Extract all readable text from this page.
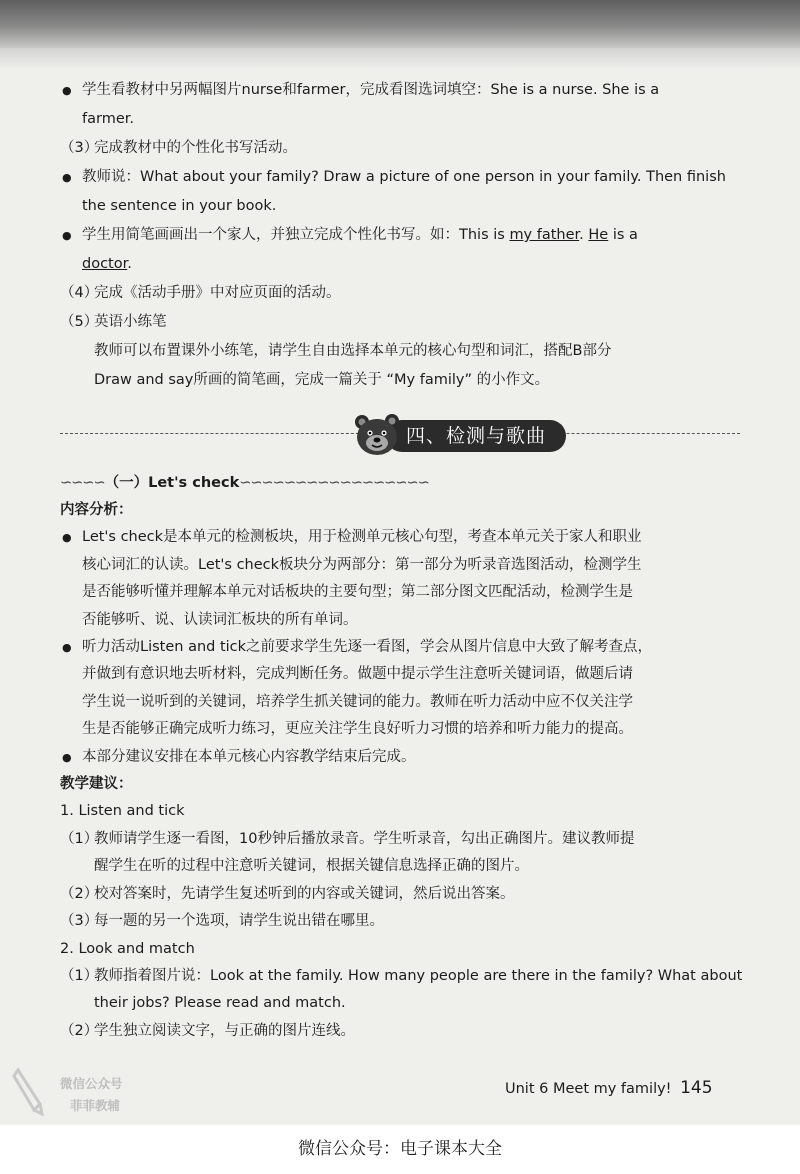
● 学生看教材中另两幅图片nurse和farmer，完成看图选词填空：She is a nurse. She is a
farmer.
（3）
完成教材中的个性化书写活动。
● 教师说：What about your family? Draw a picture of one person in your family. Then finish
the sentence in your book.
● 学生用简笔画画出一个家人，并独立完成个性化书写。如：This is my father. He is a
doctor.
（4）
完成《活动手册》中对应页面的活动。
（5）
英语小练笔
教师可以布置课外小练笔，请学生自由选择本单元的核心句型和词汇，搭配B部分
Draw and say所画的简笔画，完成一篇关于 “My family” 的小作文。
四、检测与歌曲
∽∽∽∽（一）Let's check∽∽∽∽∽∽∽∽∽∽∽∽∽∽∽∽∽
内容分析：
● Let's check是本单元的检测板块，用于检测单元核心句型，考查本单元关于家人和职业
核心词汇的认读。Let's check板块分为两部分：第一部分为听录音选图活动，检测学生
是否能够听懂并理解本单元对话板块的主要句型；第二部分图文匹配活动，检测学生是
否能够听、说、认读词汇板块的所有单词。
● 听力活动Listen and tick之前要求学生先逐一看图，学会从图片信息中大致了解考查点，
并做到有意识地去听材料，完成判断任务。做题中提示学生注意听关键词语，做题后请
学生说一说听到的关键词，培养学生抓关键词的能力。教师在听力活动中应不仅关注学
生是否能够正确完成听力练习，更应关注学生良好听力习惯的培养和听力能力的提高。
● 本部分建议安排在本单元核心内容教学结束后完成。
教学建议：
1. Listen and tick
（1）
教师请学生逐一看图，10秒钟后播放录音。学生听录音，勾出正确图片。建议教师提
醒学生在听的过程中注意听关键词，根据关键信息选择正确的图片。
（2）
校对答案时，先请学生复述听到的内容或关键词，然后说出答案。
（3）
每一题的另一个选项，请学生说出错在哪里。
2. Look and match
（1）
教师指着图片说：Look at the family. How many people are there in the family? What about
their jobs? Please read and match.
（2）
学生独立阅读文字，与正确的图片连线。
微信公众号
菲菲教辅
Unit 6 Meet my family! 145
微信公众号：电子课本大全
